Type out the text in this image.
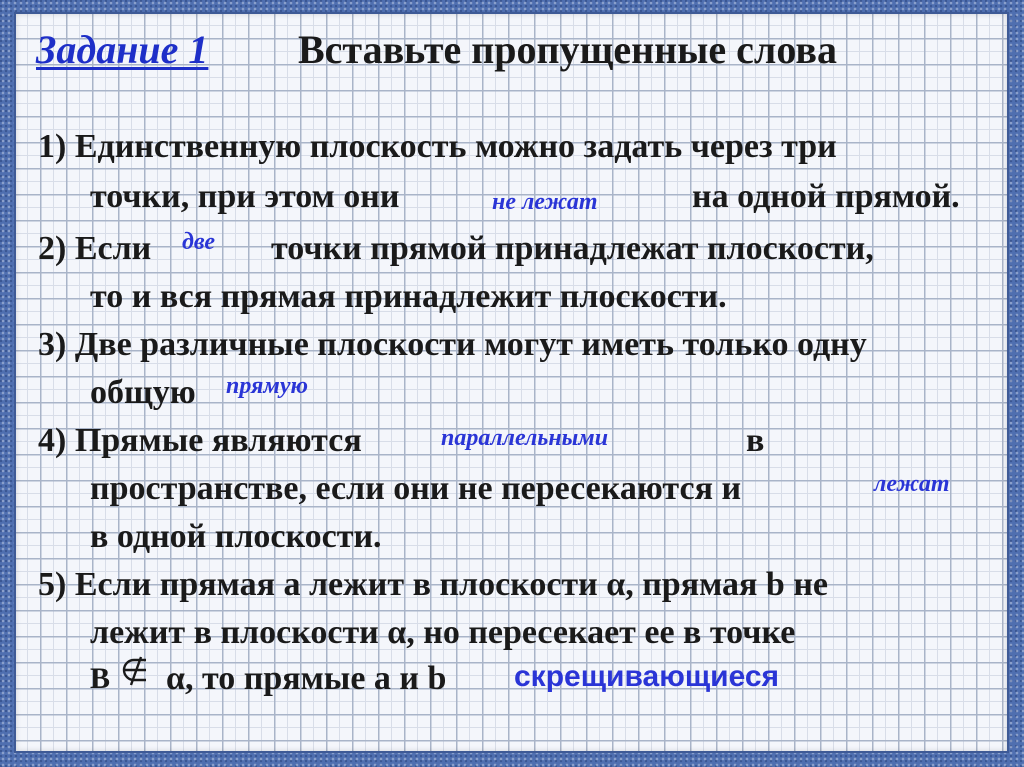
Задание 1 Вставьте пропущенные слова
1) Единственную плоскость можно задать через три
точки, при этом они	не лежат	на одной прямой.
2) Если две точки прямой принадлежат плоскости,
то и вся прямая принадлежит плоскости.
3) Две различные плоскости могут иметь только одну
общую прямую
4) Прямые являются	параллельными	в
пространстве, если они не пересекаются и	лежат
в одной плоскости.
5) Если прямая а лежит в плоскости α, прямая b не
лежит в плоскости α, но пересекает ее в точке
B α, то прямые а и b скрещивающиеся
